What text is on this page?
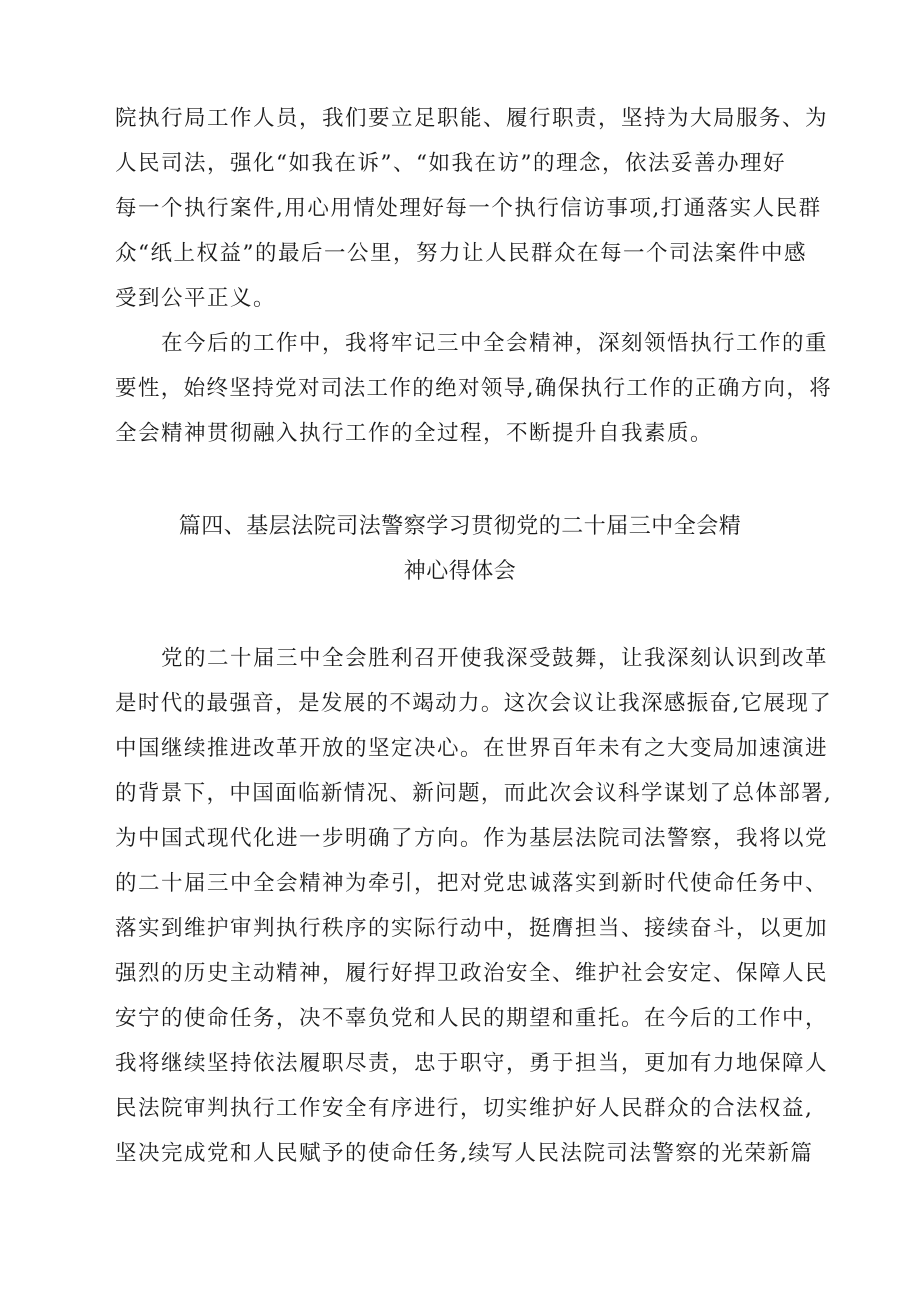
院执行局工作人员，我们要立足职能、履行职责，坚持为大局服务、为
人民司法，强化“如我在诉”、“如我在访”的理念，依法妥善办理好
每一个执行案件,用心用情处理好每一个执行信访事项,打通落实人民群
众“纸上权益”的最后一公里，努力让人民群众在每一个司法案件中感
受到公平正义。
在今后的工作中，我将牢记三中全会精神，深刻领悟执行工作的重
要性，始终坚持党对司法工作的绝对领导,确保执行工作的正确方向，将
全会精神贯彻融入执行工作的全过程，不断提升自我素质。
篇四、基层法院司法警察学习贯彻党的二十届三中全会精
神心得体会
党的二十届三中全会胜利召开使我深受鼓舞，让我深刻认识到改革
是时代的最强音，是发展的不竭动力。这次会议让我深感振奋,它展现了
中国继续推进改革开放的坚定决心。在世界百年未有之大变局加速演进
的背景下，中国面临新情况、新问题，而此次会议科学谋划了总体部署,
为中国式现代化进一步明确了方向。作为基层法院司法警察，我将以党
的二十届三中全会精神为牵引，把对党忠诚落实到新时代使命任务中、
落实到维护审判执行秩序的实际行动中，挺膺担当、接续奋斗，以更加
强烈的历史主动精神，履行好捍卫政治安全、维护社会安定、保障人民
安宁的使命任务，决不辜负党和人民的期望和重托。在今后的工作中，
我将继续坚持依法履职尽责，忠于职守，勇于担当，更加有力地保障人
民法院审判执行工作安全有序进行，切实维护好人民群众的合法权益,
坚决完成党和人民赋予的使命任务,续写人民法院司法警察的光荣新篇
